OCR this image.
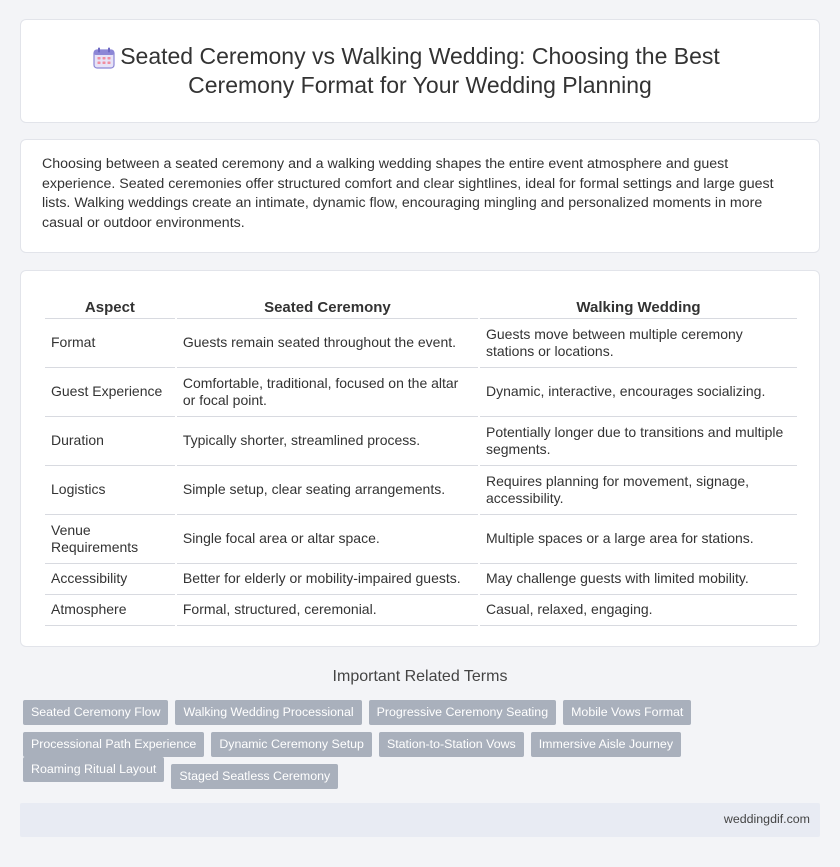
Seated Ceremony vs Walking Wedding: Choosing the Best
Ceremony Format for Your Wedding Planning

Choosing between a seated ceremony and a walking wedding shapes the entire event atmosphere and guest experience. Seated ceremonies offer structured comfort and clear sightlines, ideal for formal settings and large guest lists. Walking weddings create an intimate, dynamic flow, encouraging mingling and personalized moments in more casual or outdoor environments.

Aspect	Seated Ceremony	Walking Wedding
Format	Guests remain seated throughout the event.	Guests move between multiple ceremony stations or locations.
Guest Experience	Comfortable, traditional, focused on the altar or focal point.	Dynamic, interactive, encourages socializing.
Duration	Typically shorter, streamlined process.	Potentially longer due to transitions and multiple segments.
Logistics	Simple setup, clear seating arrangements.	Requires planning for movement, signage, accessibility.
Venue Requirements	Single focal area or altar space.	Multiple spaces or a large area for stations.
Accessibility	Better for elderly or mobility-impaired guests.	May challenge guests with limited mobility.
Atmosphere	Formal, structured, ceremonial.	Casual, relaxed, engaging.
Important Related Terms
Seated Ceremony Flow	Walking Wedding Processional	Progressive Ceremony Seating	Mobile Vows Format
Processional Path Experience	Dynamic Ceremony Setup	Station-to-Station Vows	Immersive Aisle Journey
Roaming Ritual Layout	Staged Seatless Ceremony
weddingdif.com
